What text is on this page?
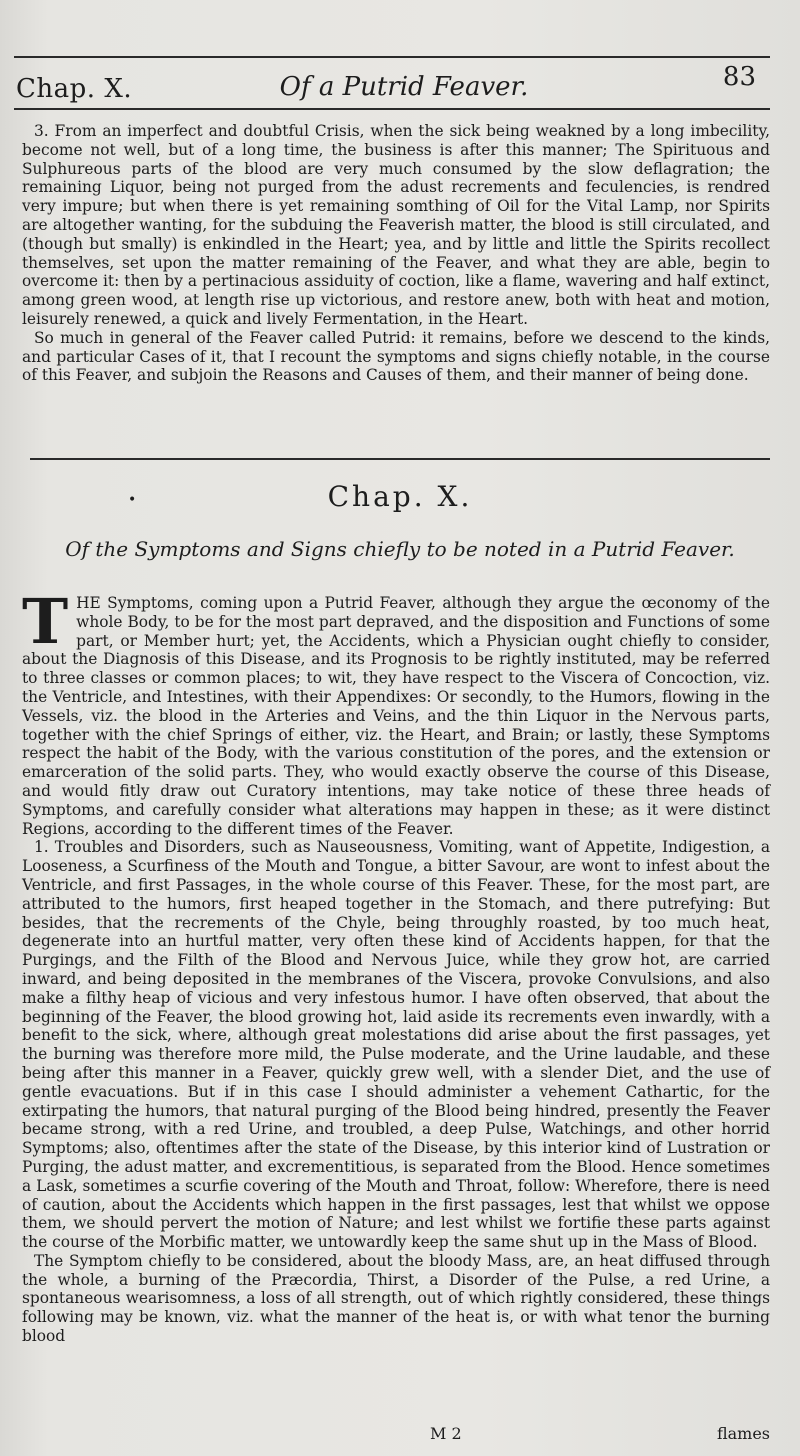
Chap. X.	Of a Putrid Feaver.	83

3. From an imperfect and doubtful Crisis, when the sick being weakned by a long imbecility, become not well, but of a long time, the business is after this manner; The Spirituous and Sulphureous parts of the blood are very much consumed by the slow deflagration; the remaining Liquor, being not purged from the adust recrements and feculencies, is rendred very impure; but when there is yet remaining somthing of Oil for the Vital Lamp, nor Spirits are altogether wanting, for the subduing the Feaverish matter, the blood is still circulated, and (though but smally) is enkindled in the Heart; yea, and by little and little the Spirits recollect themselves, set upon the matter remaining of the Feaver, and what they are able, begin to overcome it: then by a pertinacious assiduity of coction, like a flame, wavering and half extinct, among green wood, at length rise up victorious, and restore anew, both with heat and motion, leisurely renewed, a quick and lively Fermentation, in the Heart.

So much in general of the Feaver called Putrid: it remains, before we descend to the kinds, and particular Cases of it, that I recount the symptoms and signs chiefly notable, in the course of this Feaver, and subjoin the Reasons and Causes of them, and their manner of being done.

•	Chap. X.
Of the Symptoms and Signs chiefly to be noted in a Putrid Feaver.

THE Symptoms, coming upon a Putrid Feaver, although they argue the œconomy of the whole Body, to be for the most part depraved, and the disposition and Functions of some part, or Member hurt; yet, the Accidents, which a Physician ought chiefly to consider, about the Diagnosis of this Disease, and its Prognosis to be rightly instituted, may be referred to three classes or common places; to wit, they have respect to the Viscera of Concoction, viz. the Ventricle, and Intestines, with their Appendixes: Or secondly, to the Humors, flowing in the Vessels, viz. the blood in the Arteries and Veins, and the thin Liquor in the Nervous parts, together with the chief Springs of either, viz. the Heart, and Brain; or lastly, these Symptoms respect the habit of the Body, with the various constitution of the pores, and the extension or emarceration of the solid parts. They, who would exactly observe the course of this Disease, and would fitly draw out Curatory intentions, may take notice of these three heads of Symptoms, and carefully consider what alterations may happen in these; as it were distinct Regions, according to the different times of the Feaver.

1. Troubles and Disorders, such as Nauseousness, Vomiting, want of Appetite, Indigestion, a Looseness, a Scurfiness of the Mouth and Tongue, a bitter Savour, are wont to infest about the Ventricle, and first Passages, in the whole course of this Feaver. These, for the most part, are attributed to the humors, first heaped together in the Stomach, and there putrefying: But besides, that the recrements of the Chyle, being throughly roasted, by too much heat, degenerate into an hurtful matter, very often these kind of Accidents happen, for that the Purgings, and the Filth of the Blood and Nervous Juice, while they grow hot, are carried inward, and being deposited in the membranes of the Viscera, provoke Convulsions, and also make a filthy heap of vicious and very infestous humor. I have often observed, that about the beginning of the Feaver, the blood growing hot, laid aside its recrements even inwardly, with a benefit to the sick, where, although great molestations did arise about the first passages, yet the burning was therefore more mild, the Pulse moderate, and the Urine laudable, and these being after this manner in a Feaver, quickly grew well, with a slender Diet, and the use of gentle evacuations. But if in this case I should administer a vehement Cathartic, for the extirpating the humors, that natural purging of the Blood being hindred, presently the Feaver became strong, with a red Urine, and troubled, a deep Pulse, Watchings, and other horrid Symptoms; also, oftentimes after the state of the Disease, by this interior kind of Lustration or Purging, the adust matter, and excrementitious, is separated from the Blood. Hence sometimes a Lask, sometimes a scurfie covering of the Mouth and Throat, follow: Wherefore, there is need of caution, about the Accidents which happen in the first passages, lest that whilst we oppose them, we should pervert the motion of Nature; and lest whilst we fortifie these parts against the course of the Morbific matter, we untowardly keep the same shut up in the Mass of Blood.

The Symptom chiefly to be considered, about the bloody Mass, are, an heat diffused through the whole, a burning of the Præcordia, Thirst, a Disorder of the Pulse, a red Urine, a spontaneous wearisomness, a loss of all strength, out of which rightly considered, these things following may be known, viz. what the manner of the heat is, or with what tenor the burning blood

M 2	flames
